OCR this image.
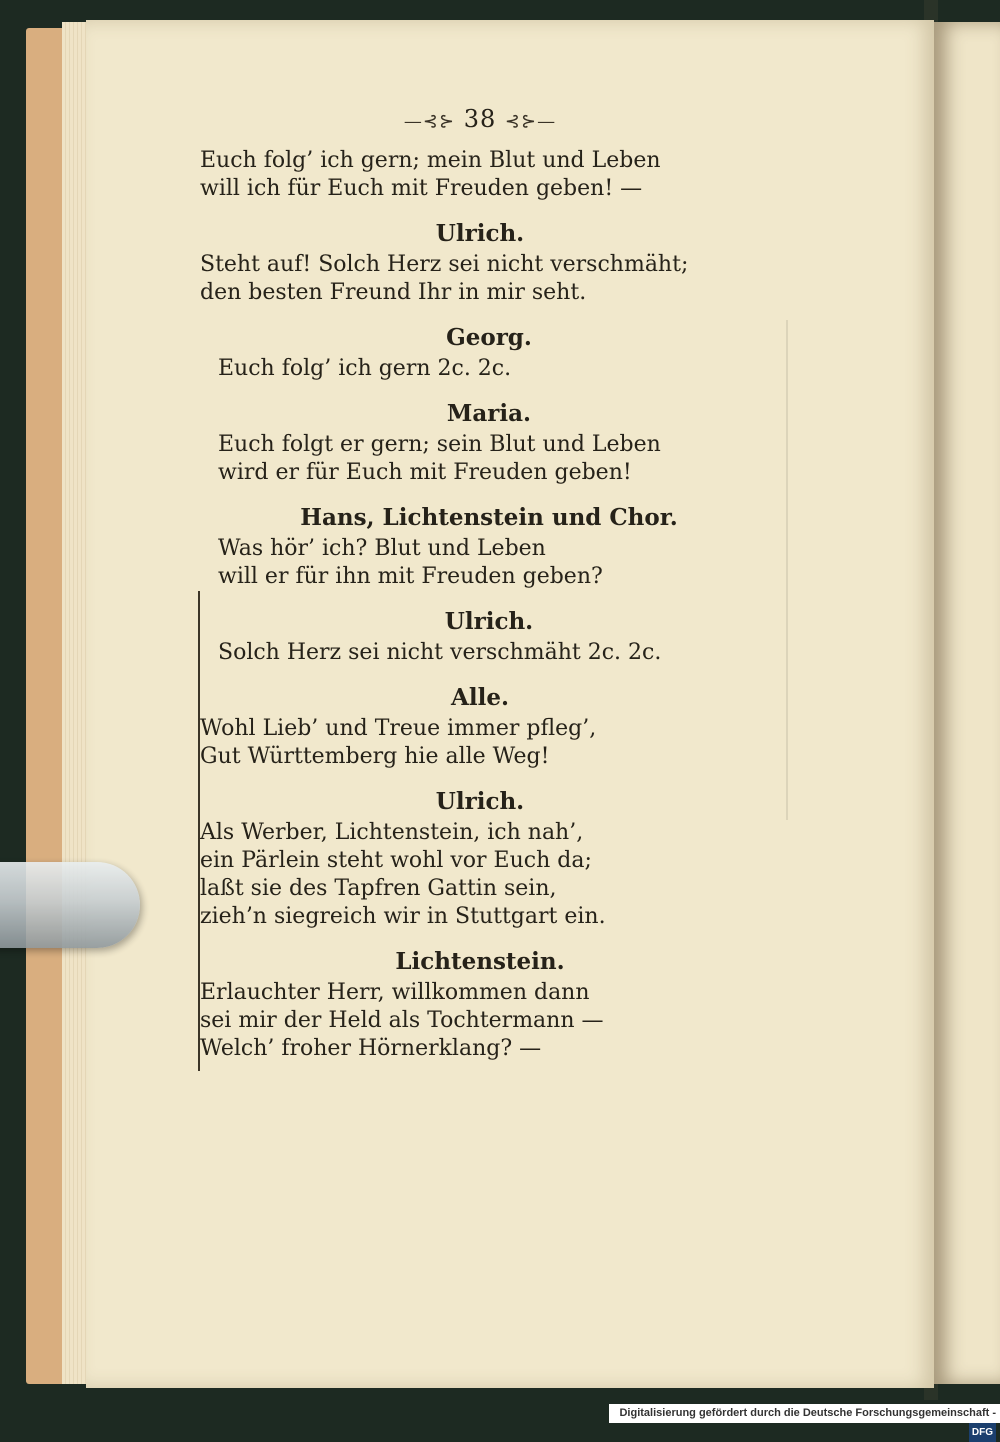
—⊰⊱ 38 ⊰⊱—
Euch folg’ ich gern; mein Blut und Leben
will ich für Euch mit Freuden geben! —
Ulrich.
Steht auf! Solch Herz sei nicht verschmäht;
den besten Freund Ihr in mir seht.
Georg.
Euch folg’ ich gern 2c. 2c.
Maria.
Euch folgt er gern; sein Blut und Leben
wird er für Euch mit Freuden geben!
Hans, Lichtenstein und Chor.
Was hör’ ich? Blut und Leben
will er für ihn mit Freuden geben?
Ulrich.
Solch Herz sei nicht verschmäht 2c. 2c.
Alle.
Wohl Lieb’ und Treue immer pfleg’,
Gut Württemberg hie alle Weg!
Ulrich.
Als Werber, Lichtenstein, ich nah’,
ein Pärlein steht wohl vor Euch da;
laßt sie des Tapfren Gattin sein,
zieh’n siegreich wir in Stuttgart ein.
Lichtenstein.
Erlauchter Herr, willkommen dann
sei mir der Held als Tochtermann —
Welch’ froher Hörnerklang? —
Digitalisierung gefördert durch die Deutsche Forschungsgemeinschaft - DFG
